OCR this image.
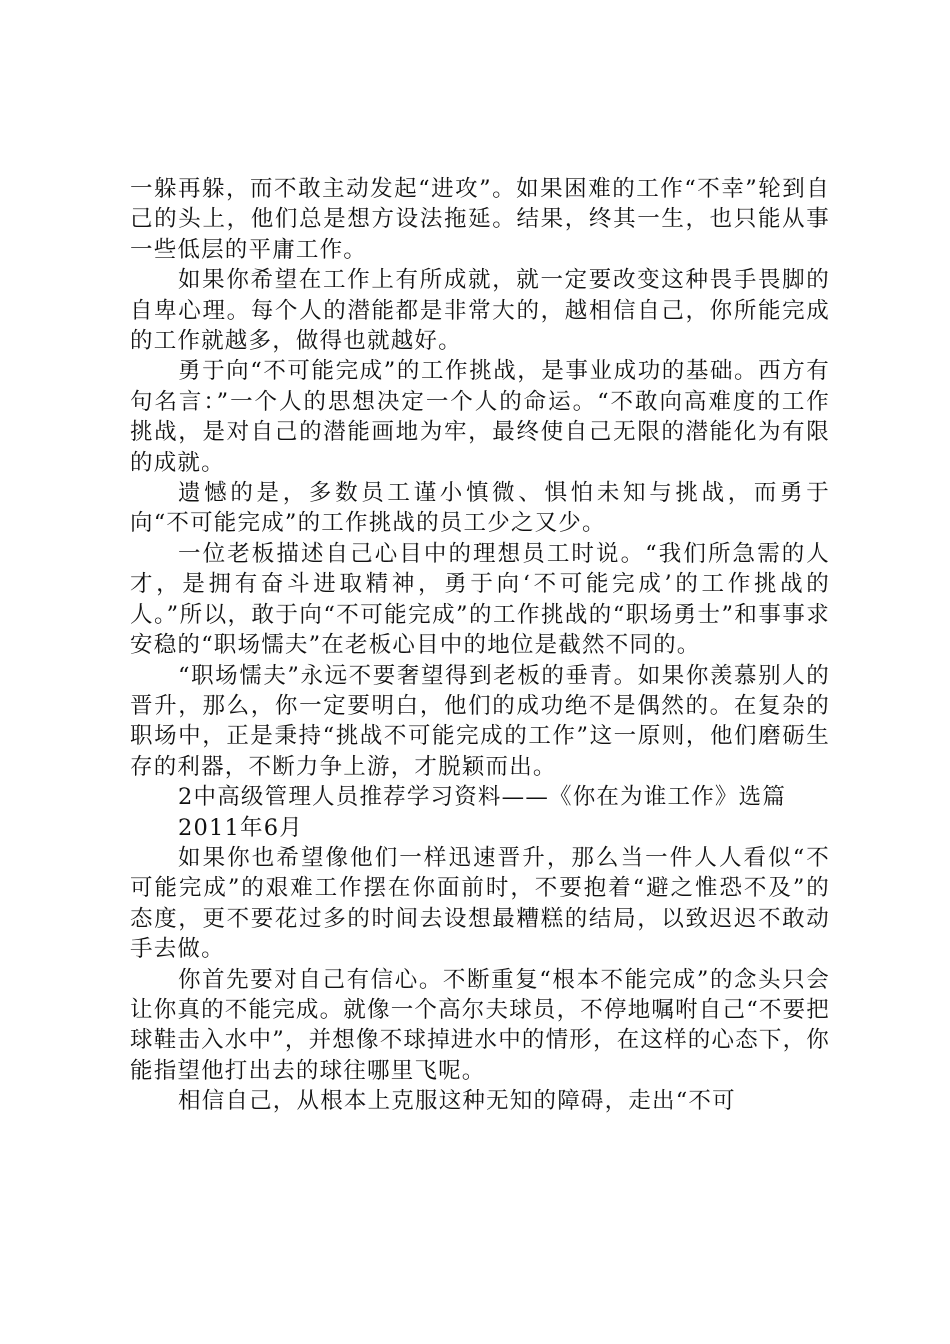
一躲再躲，而不敢主动发起“进攻”。如果困难的工作“不幸”轮到自己的头上，他们总是想方设法拖延。结果，终其一生，也只能从事一些低层的平庸工作。

如果你希望在工作上有所成就，就一定要改变这种畏手畏脚的自卑心理。每个人的潜能都是非常大的，越相信自己，你所能完成的工作就越多，做得也就越好。

勇于向“不可能完成”的工作挑战，是事业成功的基础。西方有句名言：”一个人的思想决定一个人的命运。“不敢向高难度的工作挑战，是对自己的潜能画地为牢，最终使自己无限的潜能化为有限的成就。

遗憾的是，多数员工谨小慎微、惧怕未知与挑战，而勇于向“不可能完成”的工作挑战的员工少之又少。

一位老板描述自己心目中的理想员工时说。“我们所急需的人才，是拥有奋斗进取精神，勇于向‘不可能完成’的工作挑战的人。”所以，敢于向“不可能完成”的工作挑战的“职场勇士”和事事求安稳的“职场懦夫”在老板心目中的地位是截然不同的。

“职场懦夫”永远不要奢望得到老板的垂青。如果你羡慕别人的晋升，那么，你一定要明白，他们的成功绝不是偶然的。在复杂的职场中，正是秉持“挑战不可能完成的工作”这一原则，他们磨砺生存的利器，不断力争上游，才脱颖而出。

2中高级管理人员推荐学习资料——《你在为谁工作》选篇

2011年6月

如果你也希望像他们一样迅速晋升，那么当一件人人看似“不可能完成”的艰难工作摆在你面前时，不要抱着“避之惟恐不及”的态度，更不要花过多的时间去设想最糟糕的结局，以致迟迟不敢动手去做。

你首先要对自己有信心。不断重复“根本不能完成”的念头只会让你真的不能完成。就像一个高尔夫球员，不停地嘱咐自己“不要把球鞋击入水中”，并想像不球掉进水中的情形，在这样的心态下，你能指望他打出去的球往哪里飞呢。

相信自己，从根本上克服这种无知的障碍，走出“不可
